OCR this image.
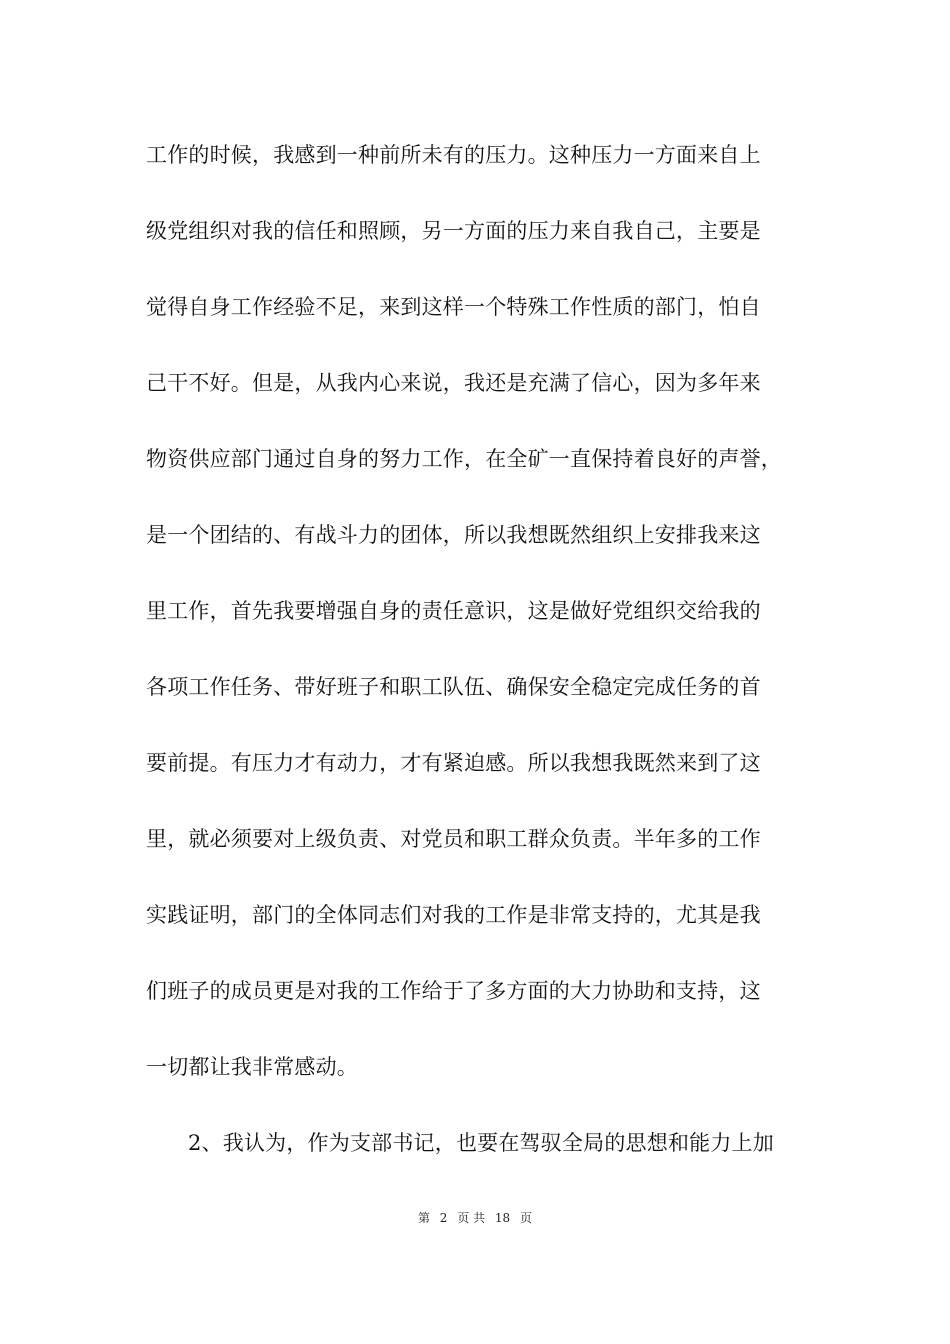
工作的时候，我感到一种前所未有的压力。这种压力一方面来自上
级党组织对我的信任和照顾，另一方面的压力来自我自己，主要是
觉得自身工作经验不足，来到这样一个特殊工作性质的部门，怕自
己干不好。但是，从我内心来说，我还是充满了信心，因为多年来
物资供应部门通过自身的努力工作，在全矿一直保持着良好的声誉，
是一个团结的、有战斗力的团体，所以我想既然组织上安排我来这
里工作，首先我要增强自身的责任意识，这是做好党组织交给我的
各项工作任务、带好班子和职工队伍、确保安全稳定完成任务的首
要前提。有压力才有动力，才有紧迫感。所以我想我既然来到了这
里，就必须要对上级负责、对党员和职工群众负责。半年多的工作
实践证明，部门的全体同志们对我的工作是非常支持的，尤其是我
们班子的成员更是对我的工作给于了多方面的大力协助和支持，这
一切都让我非常感动。
2、我认为，作为支部书记，也要在驾驭全局的思想和能力上加
第 2 页 共 18 页
